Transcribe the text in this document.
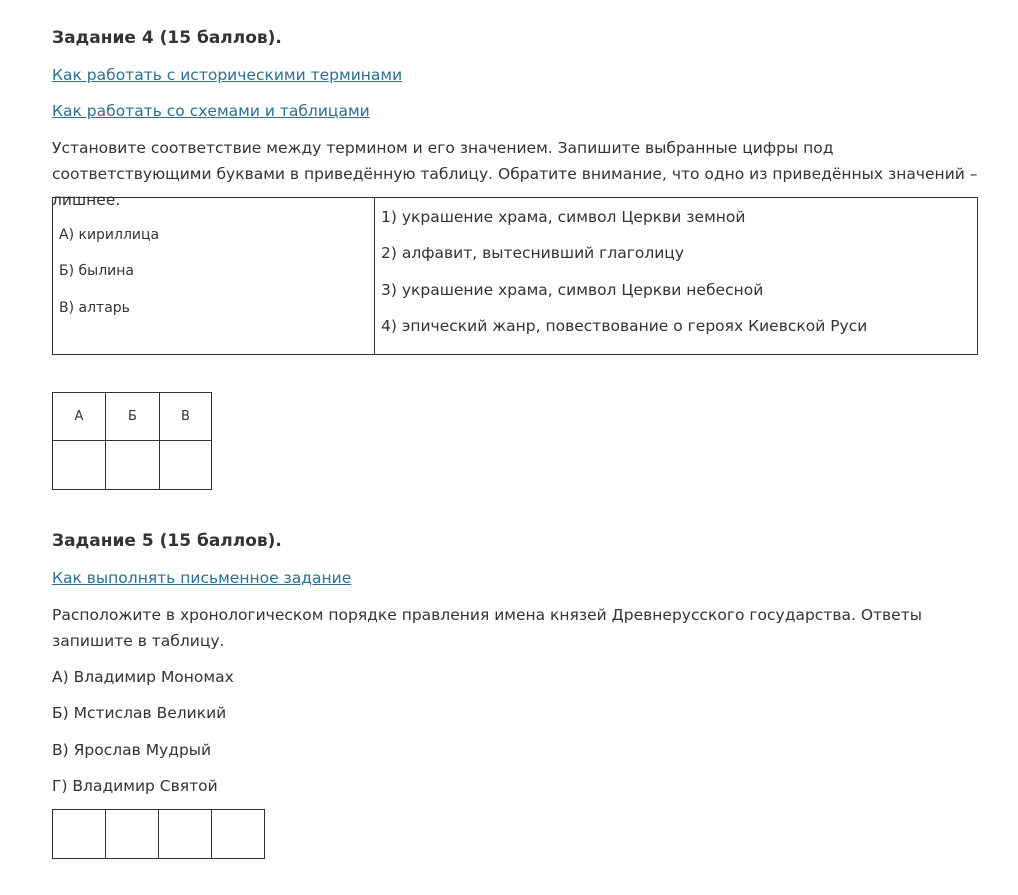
Задание 4 (15 баллов).
Как работать с историческими терминами
Как работать со схемами и таблицами
Установите соответствие между термином и его значением. Запишите выбранные цифры под соответствующими буквами в приведённую таблицу. Обратите внимание, что одно из приведённых значений – лишнее.
А) кириллица
Б) былина
В) алтарь
1) украшение храма, символ Церкви земной
2) алфавит, вытеснивший глаголицу
3) украшение храма, символ Церкви небесной
4) эпический жанр, повествование о героях Киевской Руси
А	Б	В

Задание 5 (15 баллов).
Как выполнять письменное задание
Расположите в хронологическом порядке правления имена князей Древнерусского государства. Ответы запишите в таблицу.
А) Владимир Мономах
Б) Мстислав Великий
В) Ярослав Мудрый
Г) Владимир Святой
